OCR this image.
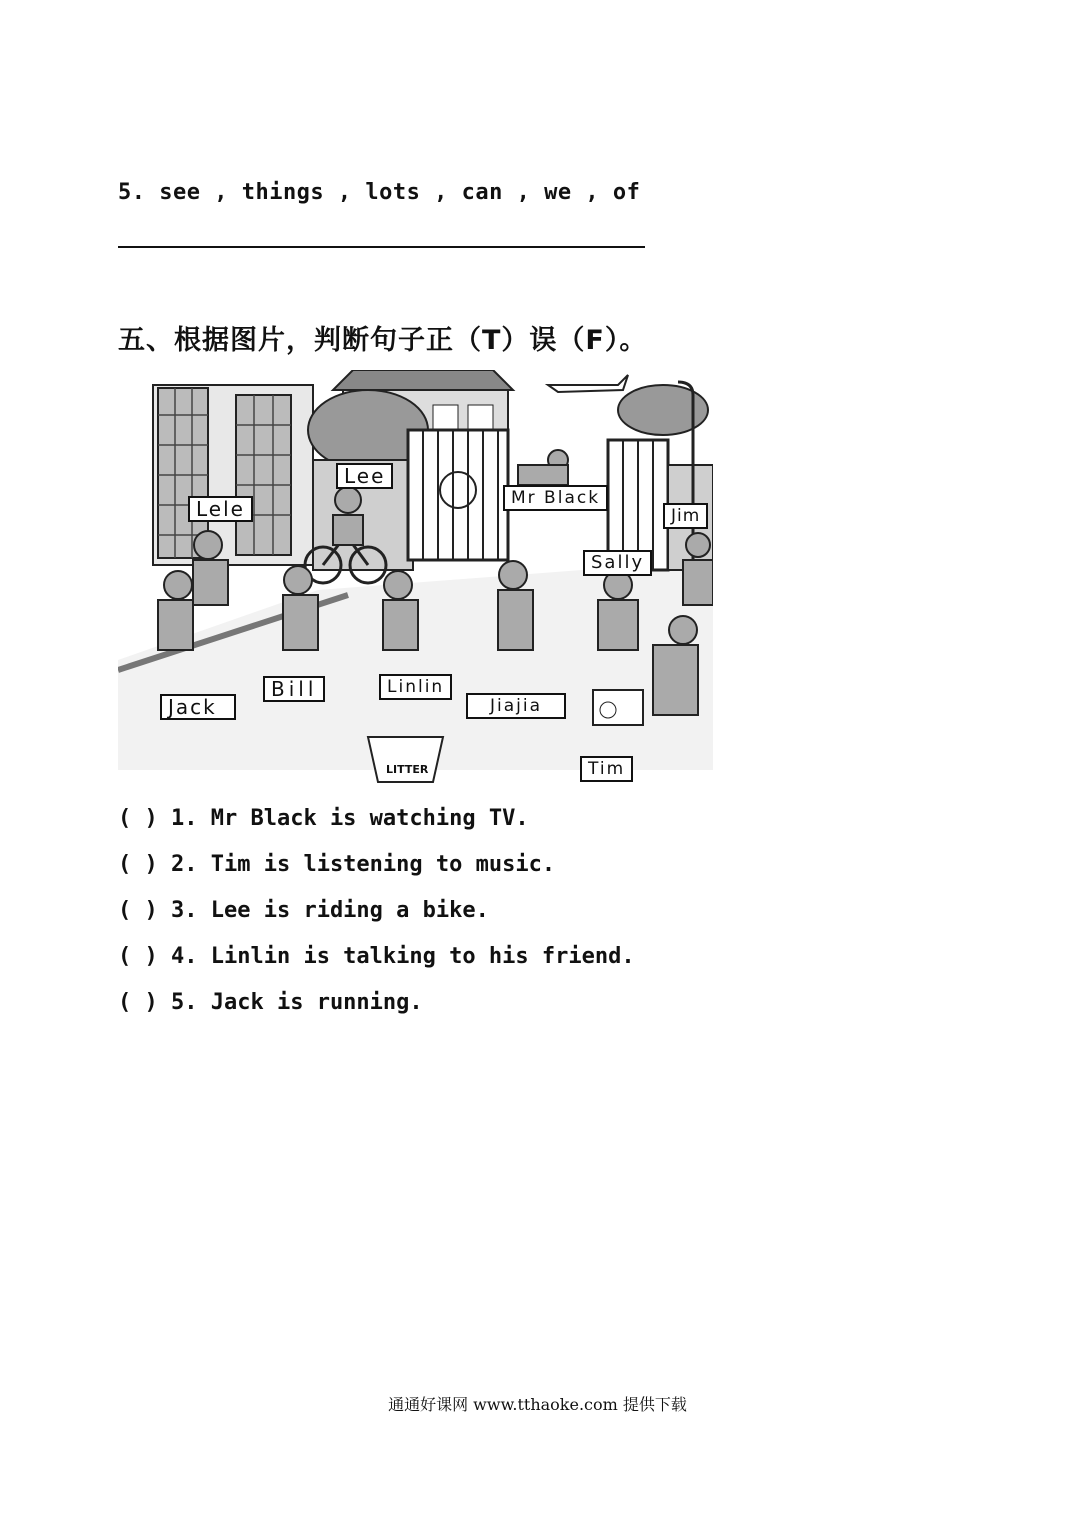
5. see , things , lots , can , we , of
五、根据图片，判断句子正（T）误（F）。
Lee
Lele	Mr Black
Jim
Sally
Jack
Bill	Linlin
Jiajia
Tim
LITTER
( ) 1. Mr Black is watching TV.
( ) 2. Tim is listening to music.
( ) 3. Lee is riding a bike.
( ) 4. Linlin is talking to his friend.
( ) 5. Jack is running.
通通好课网 www.tthaoke.com 提供下载
